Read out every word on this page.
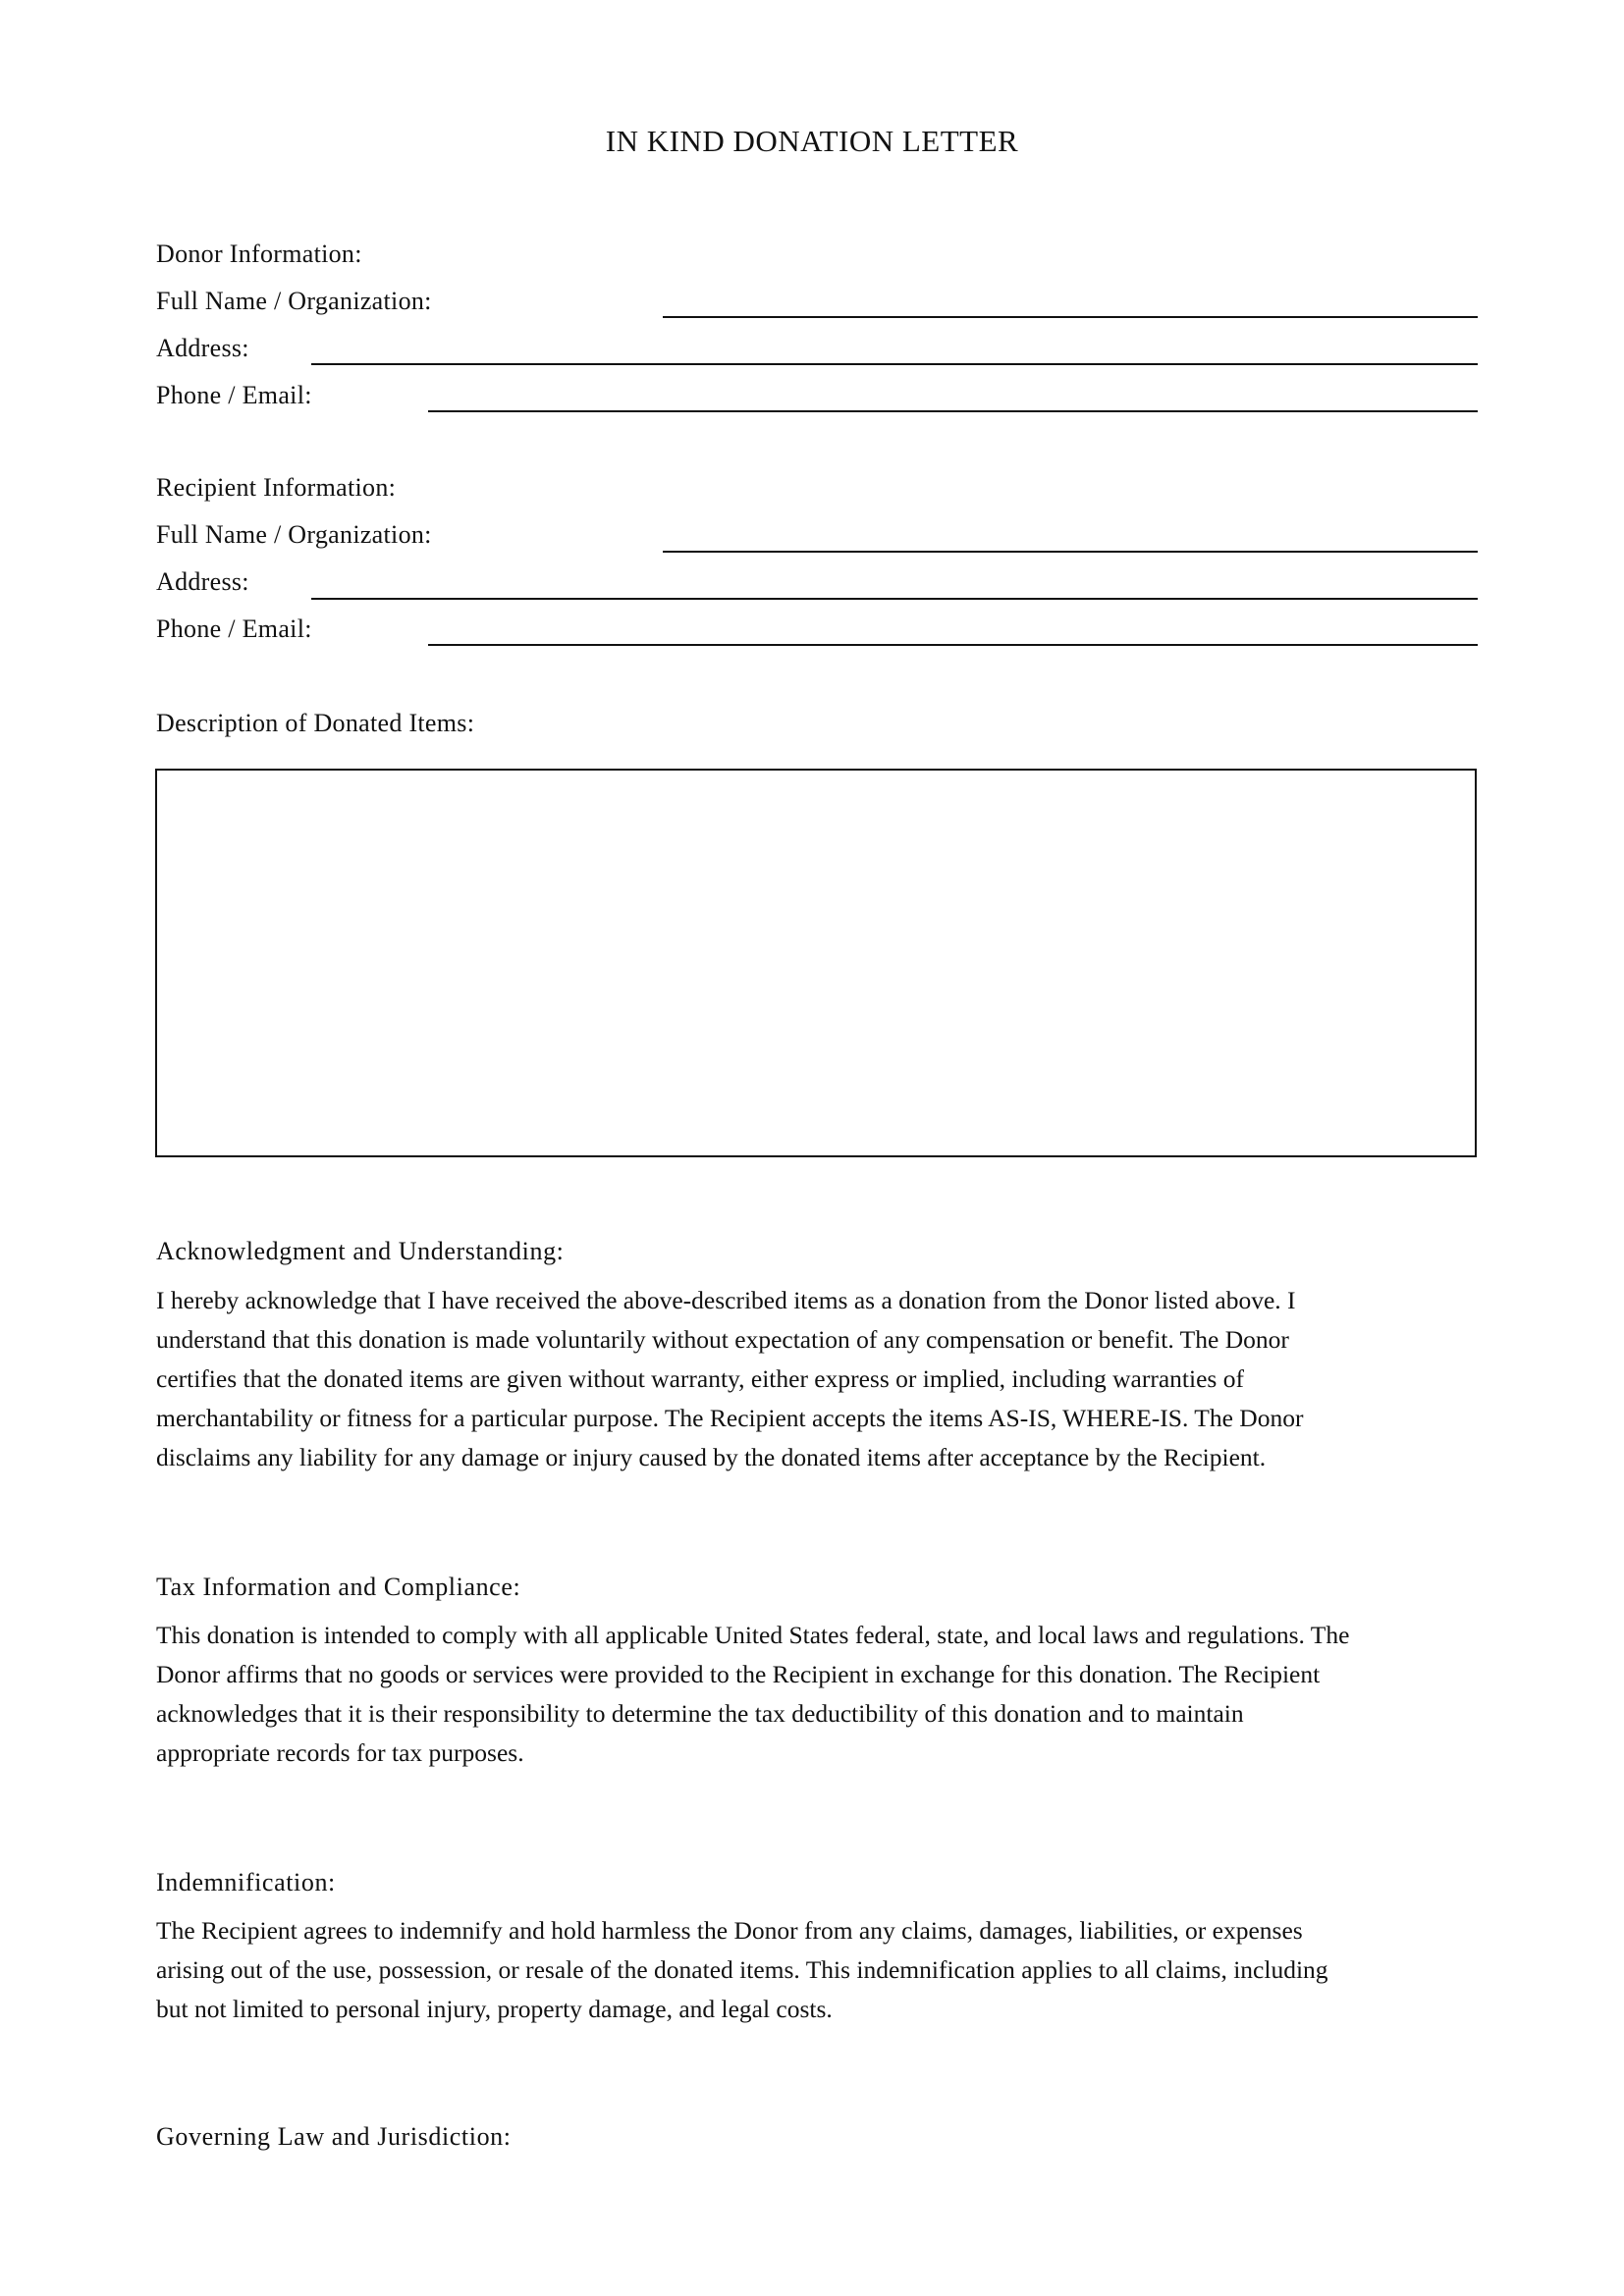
IN KIND DONATION LETTER
Donor Information:
Full Name / Organization:
Address:
Phone / Email:
Recipient Information:
Full Name / Organization:
Address:
Phone / Email:
Description of Donated Items:
Acknowledgment and Understanding:
I hereby acknowledge that I have received the above-described items as a donation from the Donor listed above. I
understand that this donation is made voluntarily without expectation of any compensation or benefit. The Donor
certifies that the donated items are given without warranty, either express or implied, including warranties of
merchantability or fitness for a particular purpose. The Recipient accepts the items AS-IS, WHERE-IS. The Donor
disclaims any liability for any damage or injury caused by the donated items after acceptance by the Recipient.
Tax Information and Compliance:
This donation is intended to comply with all applicable United States federal, state, and local laws and regulations. The
Donor affirms that no goods or services were provided to the Recipient in exchange for this donation. The Recipient
acknowledges that it is their responsibility to determine the tax deductibility of this donation and to maintain
appropriate records for tax purposes.
Indemnification:
The Recipient agrees to indemnify and hold harmless the Donor from any claims, damages, liabilities, or expenses
arising out of the use, possession, or resale of the donated items. This indemnification applies to all claims, including
but not limited to personal injury, property damage, and legal costs.
Governing Law and Jurisdiction:
